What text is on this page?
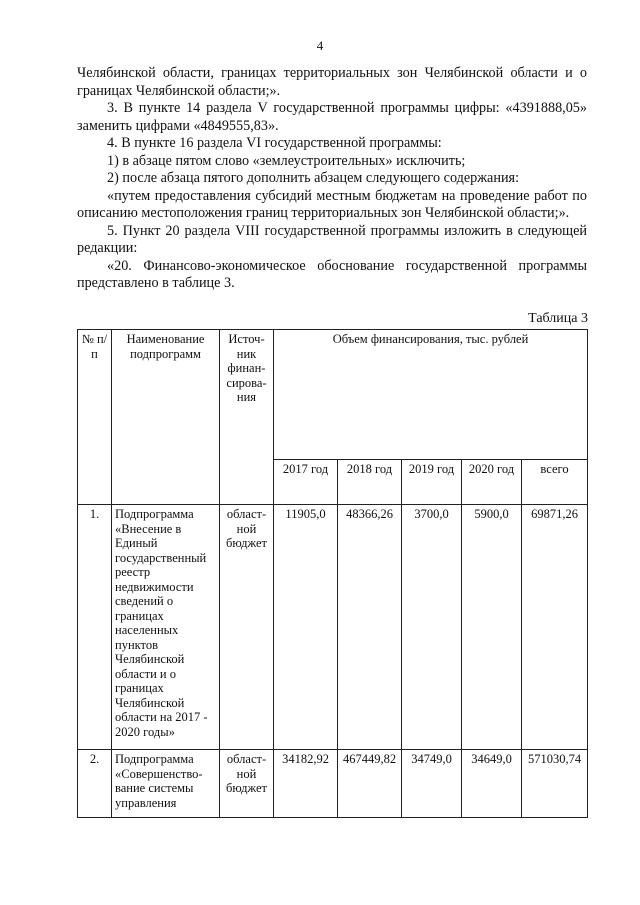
4

Челябинской области, границах территориальных зон Челябинской области и о границах Челябинской области;».

3. В пункте 14 раздела V государственной программы цифры: «4391888,05» заменить цифрами «4849555,83».

4. В пункте 16 раздела VI государственной программы:

1) в абзаце пятом слово «землеустроительных» исключить;

2) после абзаца пятого дополнить абзацем следующего содержания:

«путем предоставления субсидий местным бюджетам на проведение работ по описанию местоположения границ территориальных зон Челябинской области;».

5. Пункт 20 раздела VIII государственной программы изложить в следующей редакции:

«20. Финансово-экономическое обоснование государственной программы представлено в таблице 3.

Таблица 3
№ п/п	Наименование подпрограмм	Источ-ник финан-сирова-ния	Объем финансирования, тыс. рублей				
			2017 год	2018 год	2019 год	2020 год	всего
1.	Подпрограмма «Внесение в Единый государственный реестр недвижимости сведений о границах населенных пунктов Челябинской области и о границах Челябинской области на 2017 - 2020 годы»	област-ной бюджет	11905,0	48366,26	3700,0	5900,0	69871,26
2.	Подпрограмма «Совершенство-вание системы управления	област-ной бюджет	34182,92	467449,82	34749,0	34649,0	571030,74
